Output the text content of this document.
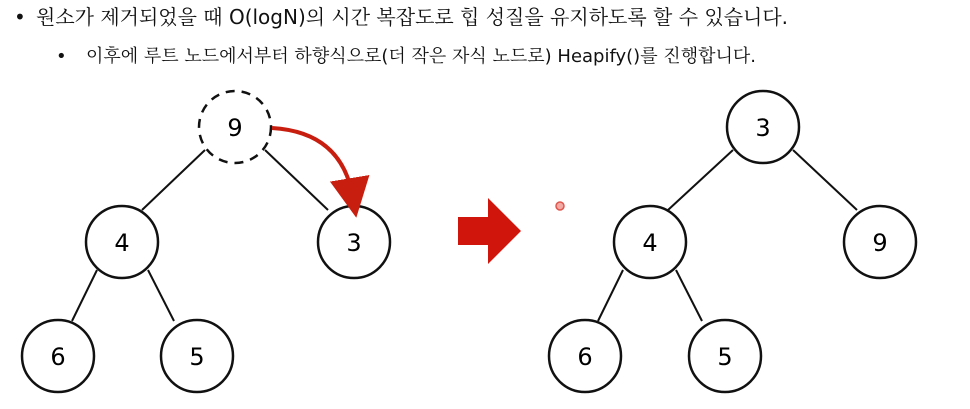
• 원소가 제거되었을 때 O(logN)의 시간 복잡도로 힙 성질을 유지하도록 할 수 있습니다.
• 이후에 루트 노드에서부터 하향식으로(더 작은 자식 노드로) Heapify()를 진행합니다.
9
4	3
6	5
3
4	9
6	5
